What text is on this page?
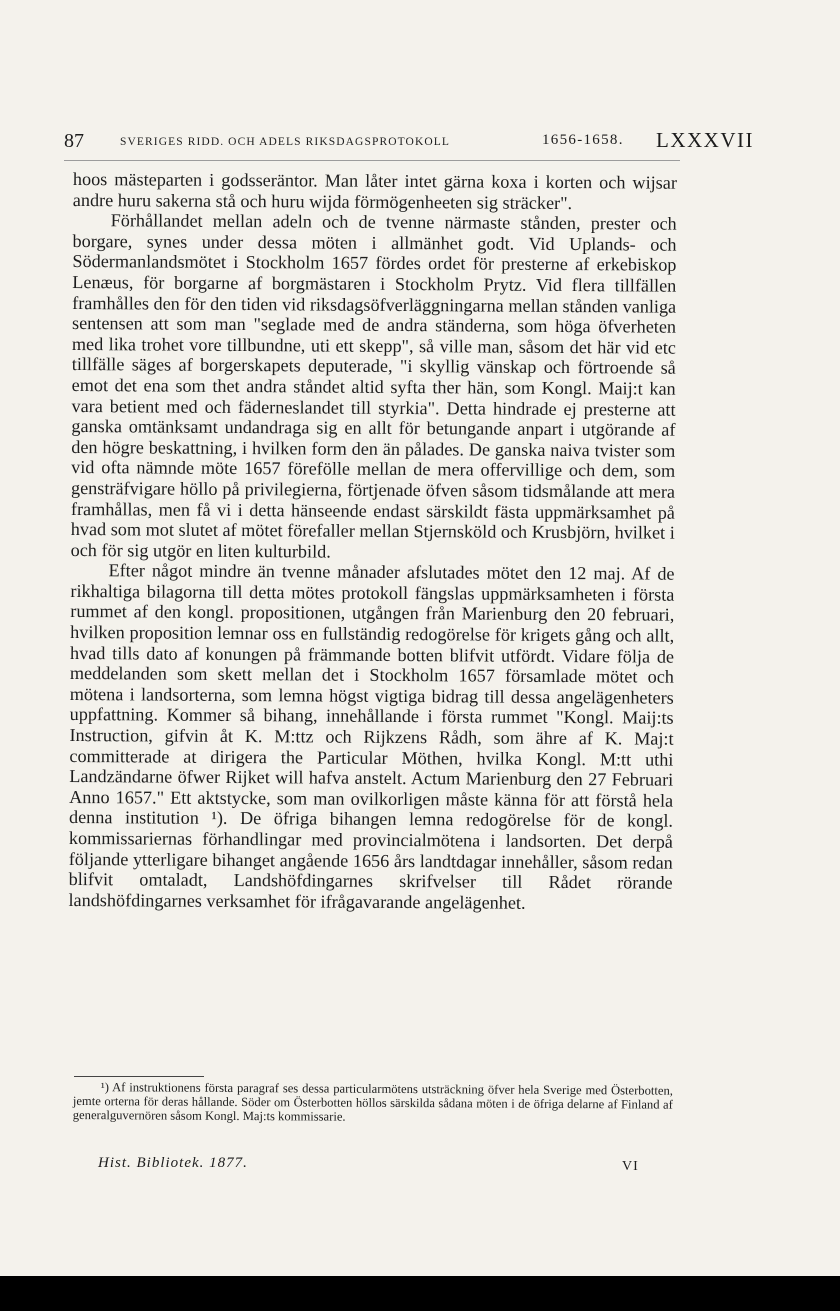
87	SVERIGES RIDD. OCH ADELS RIKSDAGSPROTOKOLL	1656-1658. LXXXVII

hoos mästeparten i godsseräntor. Man låter intet gärna koxa i korten och wijsar andre huru sakerna stå och huru wijda förmögenheeten sig sträcker".

Förhållandet mellan adeln och de tvenne närmaste stånden, prester och borgare, synes under dessa möten i allmänhet godt. Vid Uplands- och Södermanlandsmötet i Stockholm 1657 fördes ordet för presterne af erkebiskop Lenæus, för borgarne af borgmästaren i Stockholm Prytz. Vid flera tillfällen framhålles den för den tiden vid riksdagsöfverläggningarna mellan stånden vanliga sentensen att som man "seglade med de andra ständerna, som höga öfverheten med lika trohet vore tillbundne, uti ett skepp", så ville man, såsom det här vid etc tillfälle säges af borgerskapets deputerade, "i skyllig vänskap och förtroende så emot det ena som thet andra ståndet altid syfta ther hän, som Kongl. Maij:t kan vara betient med och fäderneslandet till styrkia". Detta hindrade ej presterne att ganska omtänksamt undandraga sig en allt för betungande anpart i utgörande af den högre beskattning, i hvilken form den än pålades. De ganska naiva tvister som vid ofta nämnde möte 1657 förefölle mellan de mera offervillige och dem, som gensträfvigare höllo på privilegierna, förtjenade öfven såsom tidsmålande att mera framhållas, men få vi i detta hänseende endast särskildt fästa uppmärksamhet på hvad som mot slutet af mötet förefaller mellan Stjernsköld och Krusbjörn, hvilket i och för sig utgör en liten kulturbild.

Efter något mindre än tvenne månader afslutades mötet den 12 maj. Af de rikhaltiga bilagorna till detta mötes protokoll fängslas uppmärksamheten i första rummet af den kongl. propositionen, utgången från Marienburg den 20 februari, hvilken proposition lemnar oss en fullständig redogörelse för krigets gång och allt, hvad tills dato af konungen på främmande botten blifvit utfördt. Vidare följa de meddelanden som skett mellan det i Stockholm 1657 församlade mötet och mötena i landsorterna, som lemna högst vigtiga bidrag till dessa angelägenheters uppfattning. Kommer så bihang, innehållande i första rummet "Kongl. Maij:ts Instruction, gifvin åt K. M:ttz och Rijkzens Rådh, som ähre af K. Maj:t committerade at dirigera the Particular Möthen, hvilka Kongl. M:tt uthi Landzändarne öfwer Rijket will hafva anstelt. Actum Marienburg den 27 Februari Anno 1657." Ett aktstycke, som man ovilkorligen måste känna för att förstå hela denna institution ¹). De öfriga bihangen lemna redogörelse för de kongl. kommissariernas förhandlingar med provincialmötena i landsorten. Det derpå följande ytterligare bihanget angående 1656 års landtdagar innehåller, såsom redan blifvit omtaladt, Landshöfdingarnes skrifvelser till Rådet rörande landshöfdingarnes verksamhet för ifrågavarande angelägenhet.

¹) Af instruktionens första paragraf ses dessa particularmötens utsträckning öfver hela Sverige med Österbotten, jemte orterna för deras hållande. Söder om Österbotten höllos särskilda sådana möten i de öfriga delarne af Finland af generalguvernören såsom Kongl. Maj:ts kommissarie.

Hist. Bibliotek. 1877.	VI
